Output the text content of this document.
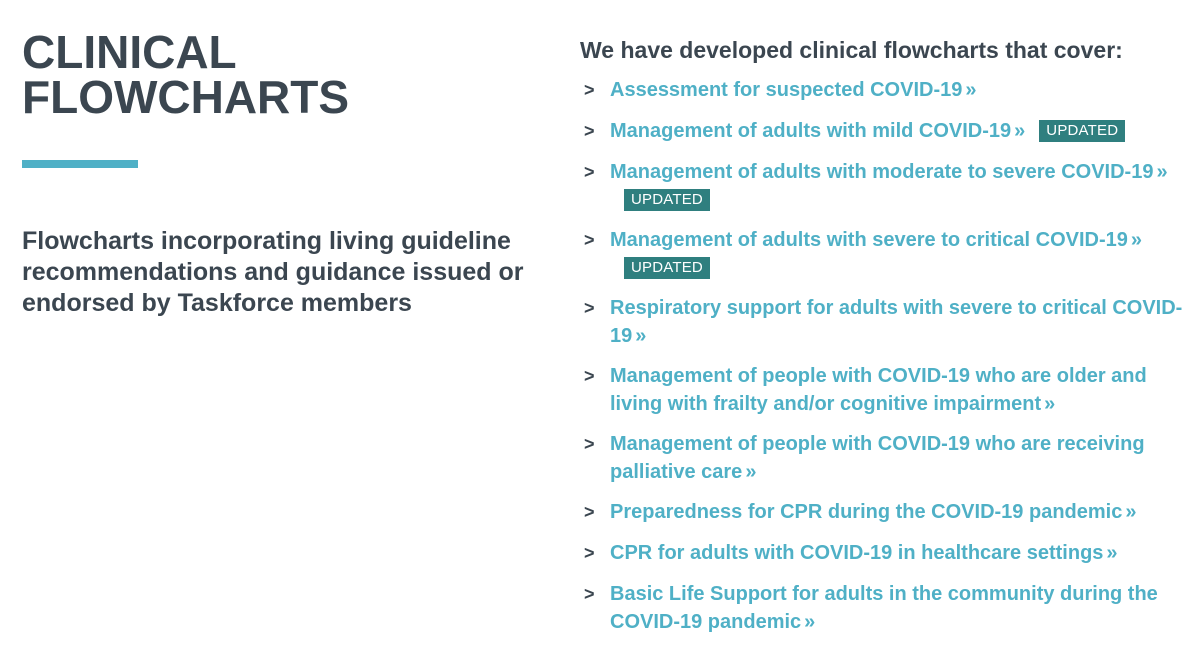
CLINICAL FLOWCHARTS

Flowcharts incorporating living guideline recommendations and guidance issued or endorsed by Taskforce members

We have developed clinical flowcharts that cover:
> Assessment for suspected COVID-19 »
> Management of adults with mild COVID-19 » UPDATED
> Management of adults with moderate to severe COVID-19 »UPDATED
> Management of adults with severe to critical COVID-19 »UPDATED
> Respiratory support for adults with severe to critical COVID-19 »
> Management of people with COVID-19 who are older and living with frailty and/or cognitive impairment »
> Management of people with COVID-19 who are receiving palliative care »
> Preparedness for CPR during the COVID-19 pandemic »
> CPR for adults with COVID-19 in healthcare settings »
> Basic Life Support for adults in the community during the COVID-19 pandemic »
